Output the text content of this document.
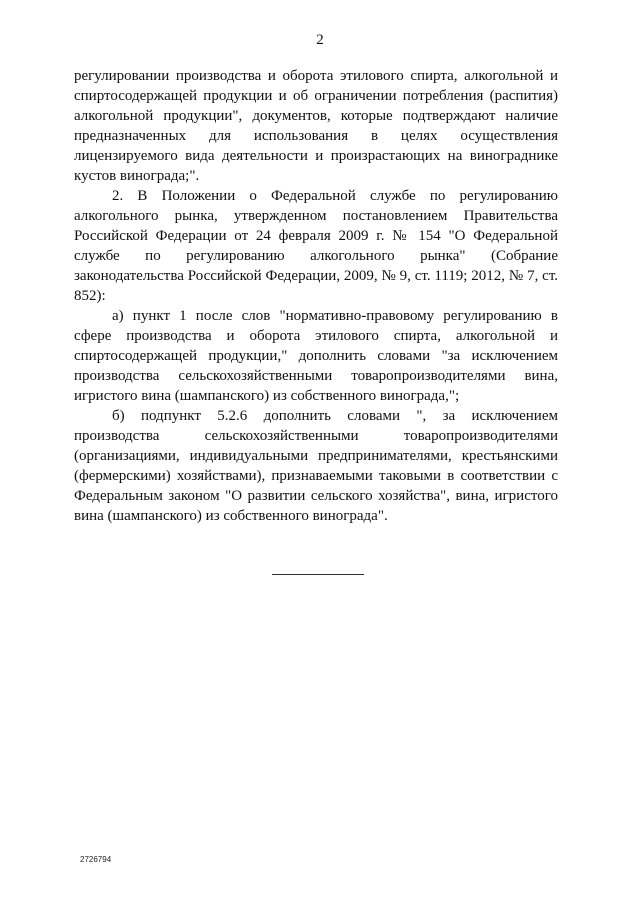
2

регулировании производства и оборота этилового спирта, алкогольной и спиртосодержащей продукции и об ограничении потребления (распития) алкогольной продукции", документов, которые подтверждают наличие предназначенных для использования в целях осуществления лицензируемого вида деятельности и произрастающих на винограднике кустов винограда;".

2. В Положении о Федеральной службе по регулированию алкогольного рынка, утвержденном постановлением Правительства Российской Федерации от 24 февраля 2009 г. № 154 "О Федеральной службе по регулированию алкогольного рынка" (Собрание законодательства Российской Федерации, 2009, № 9, ст. 1119; 2012, № 7, ст. 852):

а) пункт 1 после слов "нормативно-правовому регулированию в сфере производства и оборота этилового спирта, алкогольной и спиртосодержащей продукции," дополнить словами "за исключением производства сельскохозяйственными товаропроизводителями вина, игристого вина (шампанского) из собственного винограда,";

б) подпункт 5.2.6 дополнить словами ", за исключением производства сельскохозяйственными товаропроизводителями (организациями, индивидуальными предпринимателями, крестьянскими (фермерскими) хозяйствами), признаваемыми таковыми в соответствии с Федеральным законом "О развитии сельского хозяйства", вина, игристого вина (шампанского) из собственного винограда".

2726794
